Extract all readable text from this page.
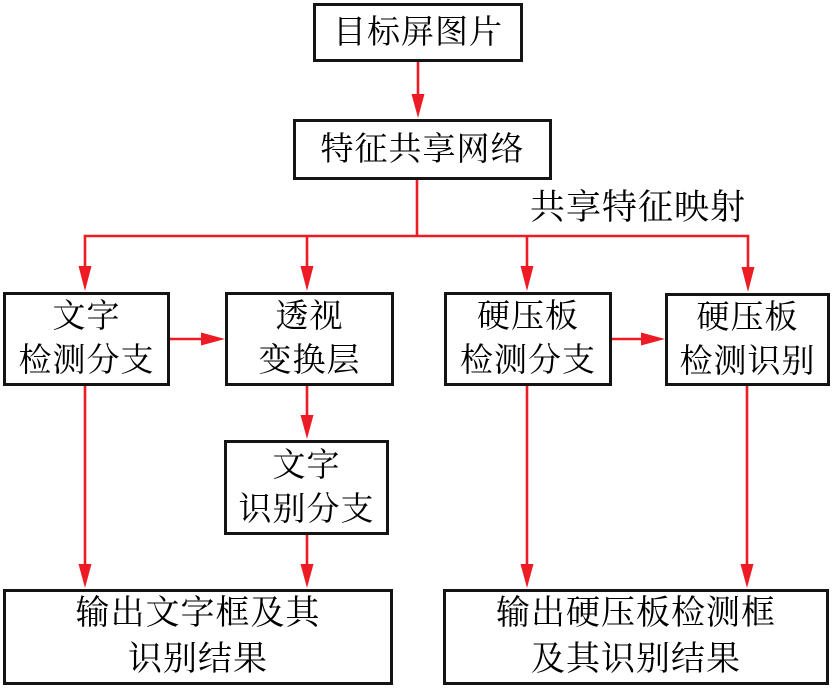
目标屏图片
特征共享网络
共享特征映射
文字
检测分支
透视
变换层
硬压板
检测分支
硬压板
检测识别
文字
识别分支
输出文字框及其
识别结果
输出硬压板检测框
及其识别结果
